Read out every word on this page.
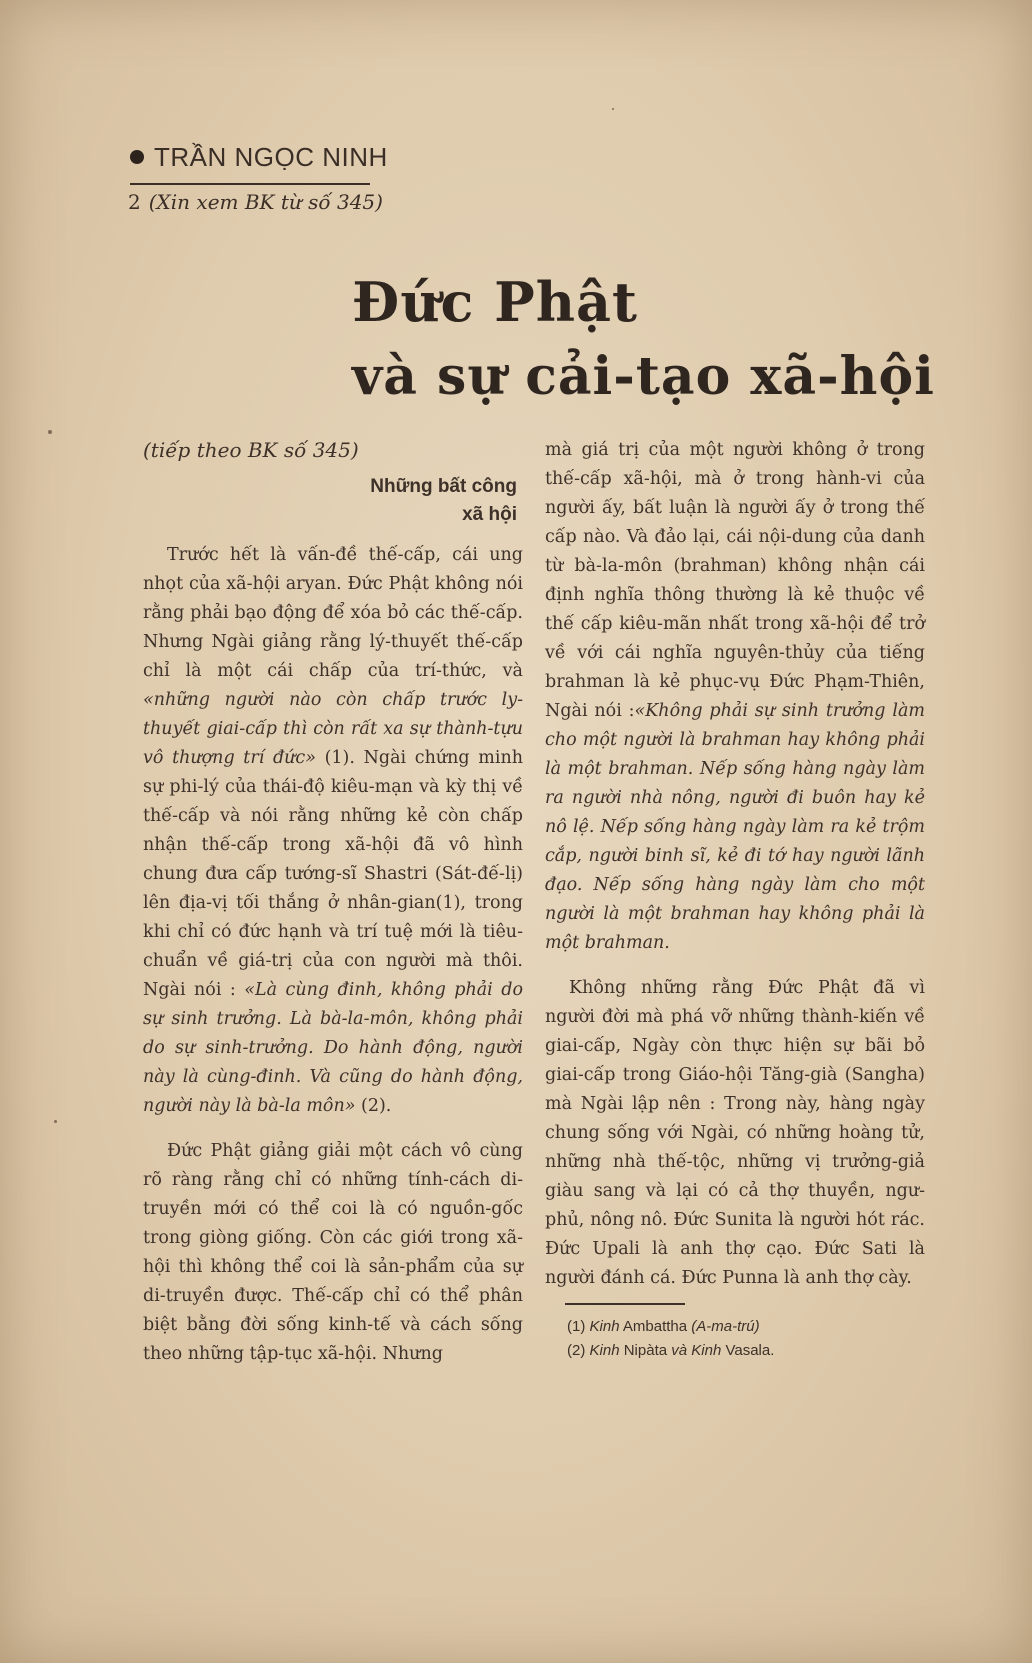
TRẦN NGỌC NINH
2 (Xin xem BK từ số 345)
Đức Phật
và sự cải-tạo xã-hội

(tiếp theo BK số 345)

Những bất công
xã hội

Trước hết là vấn-đề thế-cấp, cái ung nhọt của xã-hội aryan. Đức Phật không nói rằng phải bạo động để xóa bỏ các thế-cấp. Nhưng Ngài giảng rằng lý-thuyết thế-cấp chỉ là một cái chấp của trí-thức, và «những người nào còn chấp trước ly-thuyết giai-cấp thì còn rất xa sự thành-tựu vô thượng trí đức» (1). Ngài chứng minh sự phi-lý của thái-độ kiêu-mạn và kỳ thị về thế-cấp và nói rằng những kẻ còn chấp nhận thế-cấp trong xã-hội đã vô hình chung đưa cấp tướng-sĩ Shastri (Sát-đế-lị) lên địa-vị tối thắng ở nhân-gian(1), trong khi chỉ có đức hạnh và trí tuệ mới là tiêu-chuẩn về giá-trị của con người mà thôi. Ngài nói : «Là cùng đinh, không phải do sự sinh trưởng. Là bà-la-môn, không phải do sự sinh-trưởng. Do hành động, người này là cùng-đinh. Và cũng do hành động, người này là bà-la môn» (2).

Đức Phật giảng giải một cách vô cùng rõ ràng rằng chỉ có những tính-cách di-truyền mới có thể coi là có nguồn-gốc trong giòng giống. Còn các giới trong xã-hội thì không thể coi là sản-phẩm của sự di-truyền được. Thế-cấp chỉ có thể phân biệt bằng đời sống kinh-tế và cách sống theo những tập-tục xã-hội. Nhưng

mà giá trị của một người không ở trong thế-cấp xã-hội, mà ở trong hành-vi của người ấy, bất luận là người ấy ở trong thế cấp nào. Và đảo lại, cái nội-dung của danh từ bà-la-môn (brahman) không nhận cái định nghĩa thông thường là kẻ thuộc về thế cấp kiêu-mãn nhất trong xã-hội để trở về với cái nghĩa nguyên-thủy của tiếng brahman là kẻ phục-vụ Đức Phạm-Thiên, Ngài nói :«Không phải sự sinh trưởng làm cho một người là brahman hay không phải là một brahman. Nếp sống hàng ngày làm ra người nhà nông, người đi buôn hay kẻ nô lệ. Nếp sống hàng ngày làm ra kẻ trộm cắp, người binh sĩ, kẻ đi tớ hay người lãnh đạo. Nếp sống hàng ngày làm cho một người là một brahman hay không phải là một brahman.

Không những rằng Đức Phật đã vì người đời mà phá vỡ những thành-kiến về giai-cấp, Ngày còn thực hiện sự bãi bỏ giai-cấp trong Giáo-hội Tăng-già (Sangha) mà Ngài lập nên : Trong này, hàng ngày chung sống với Ngài, có những hoàng tử, những nhà thế-tộc, những vị trưởng-giả giàu sang và lại có cả thợ thuyền, ngư-phủ, nông nô. Đức Sunita là người hót rác. Đức Upali là anh thợ cạo. Đức Sati là người đánh cá. Đức Punna là anh thợ cày.

(1) Kinh Ambattha (A-ma-trú)
(2) Kinh Nipàta và Kinh Vasala.
